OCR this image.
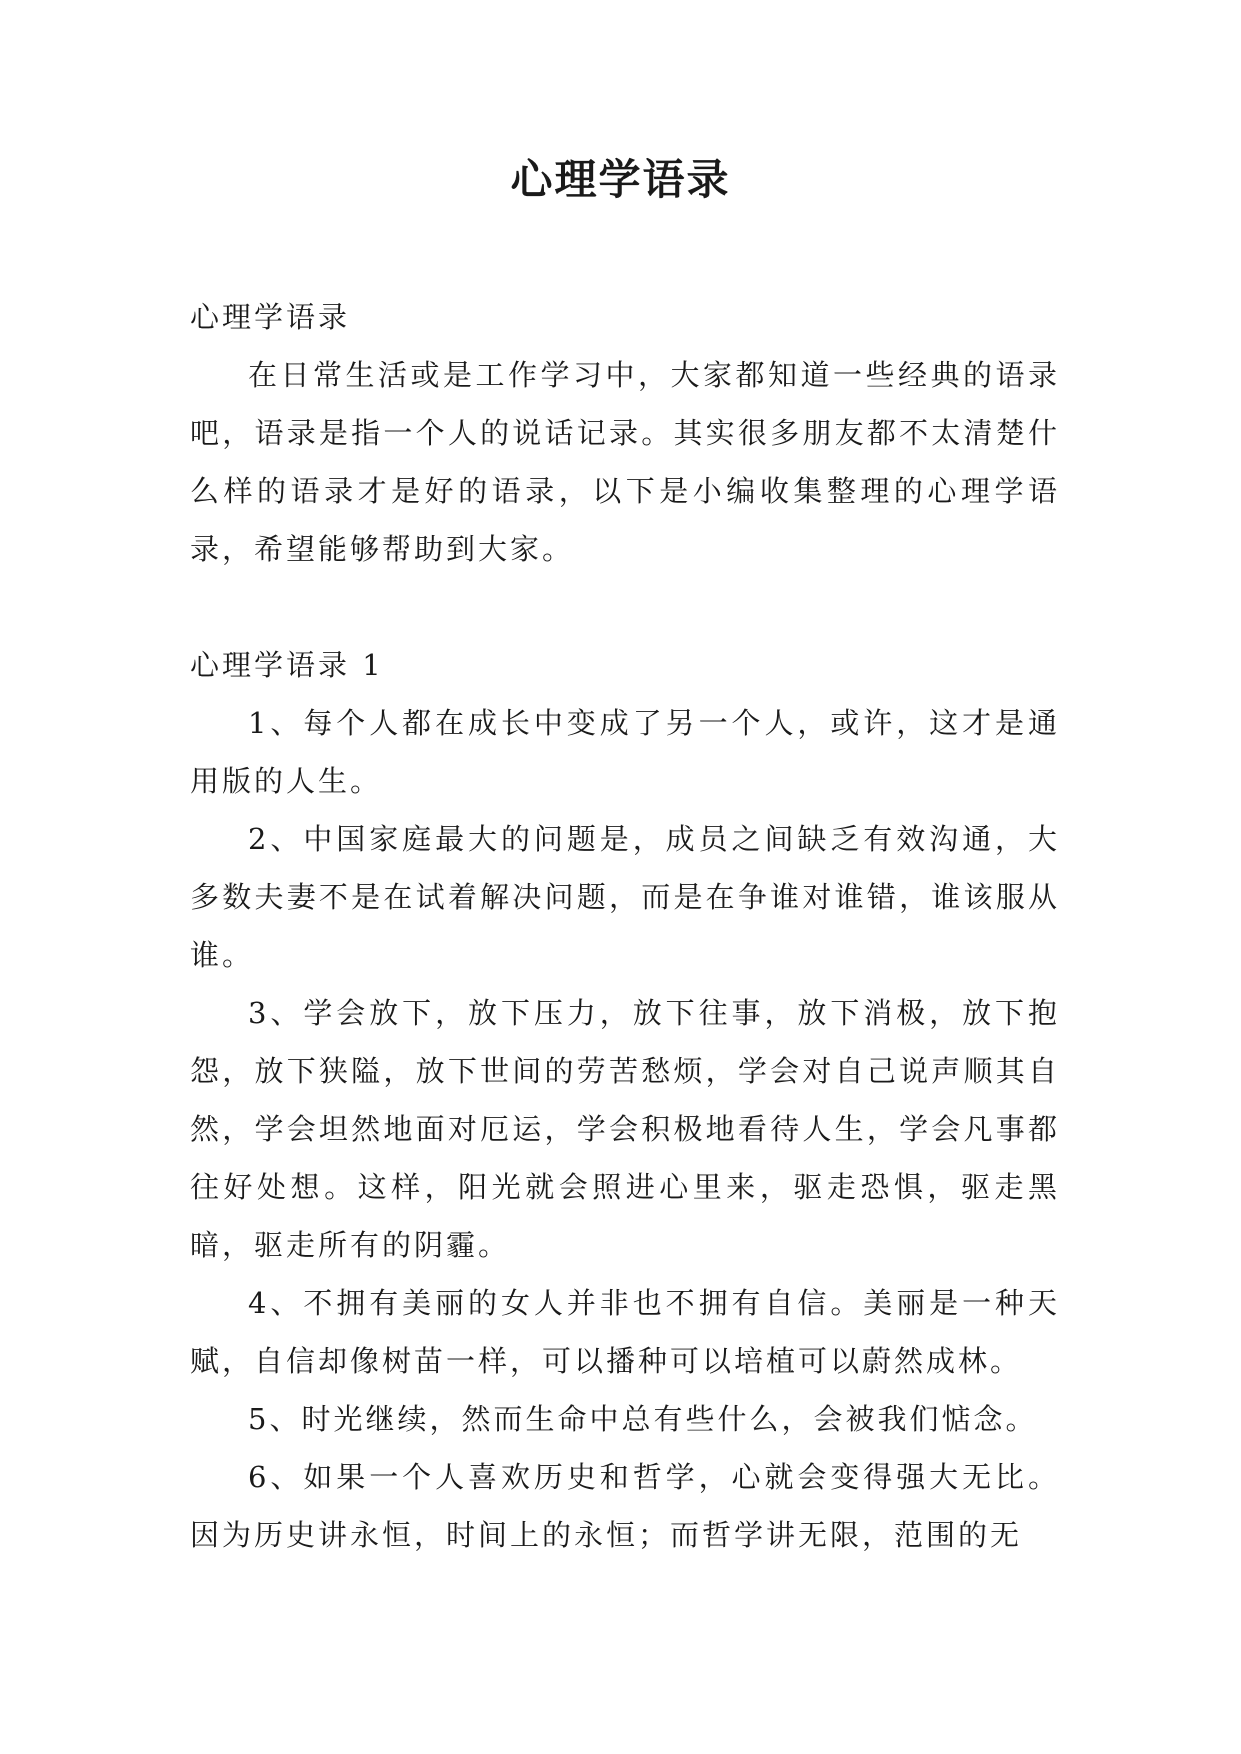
心理学语录

心理学语录

在日常生活或是工作学习中，大家都知道一些经典的语录吧，语录是指一个人的说话记录。其实很多朋友都不太清楚什么样的语录才是好的语录，以下是小编收集整理的心理学语录，希望能够帮助到大家。

心理学语录 1

1、每个人都在成长中变成了另一个人，或许，这才是通用版的人生。

2、中国家庭最大的问题是，成员之间缺乏有效沟通，大多数夫妻不是在试着解决问题，而是在争谁对谁错，谁该服从谁。

3、学会放下，放下压力，放下往事，放下消极，放下抱怨，放下狭隘，放下世间的劳苦愁烦，学会对自己说声顺其自然，学会坦然地面对厄运，学会积极地看待人生，学会凡事都往好处想。这样，阳光就会照进心里来，驱走恐惧，驱走黑暗，驱走所有的阴霾。

4、不拥有美丽的女人并非也不拥有自信。美丽是一种天赋，自信却像树苗一样，可以播种可以培植可以蔚然成林。

5、时光继续，然而生命中总有些什么，会被我们惦念。

6、如果一个人喜欢历史和哲学，心就会变得强大无比。因为历史讲永恒，时间上的永恒；而哲学讲无限，范围的无
